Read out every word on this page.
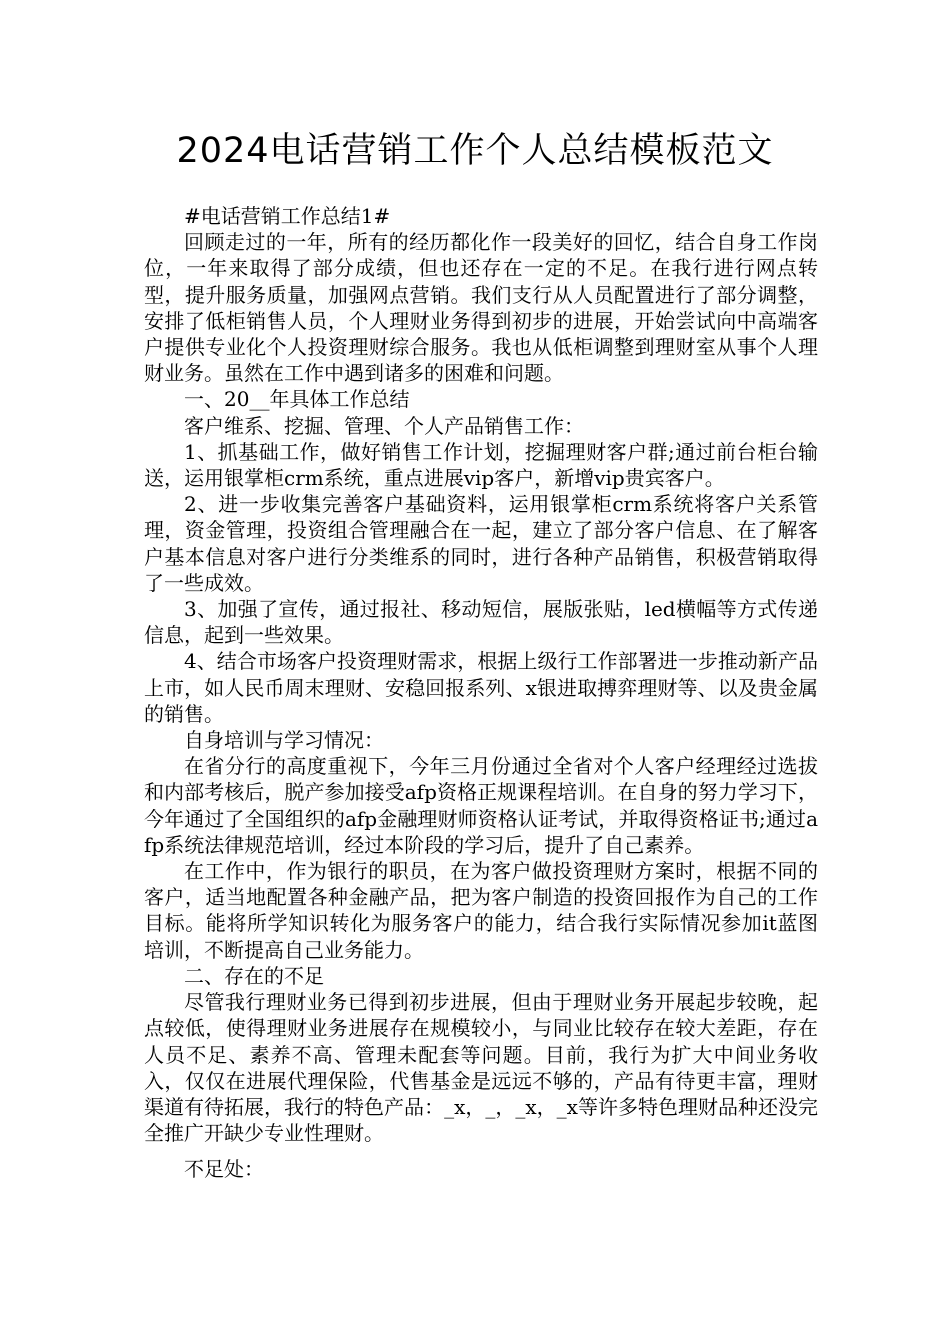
2024电话营销工作个人总结模板范文

#电话营销工作总结1#

回顾走过的一年，所有的经历都化作一段美好的回忆，结合自身工作岗位，一年来取得了部分成绩，但也还存在一定的不足。在我行进行网点转型，提升服务质量，加强网点营销。我们支行从人员配置进行了部分调整，安排了低柜销售人员，个人理财业务得到初步的进展，开始尝试向中高端客户提供专业化个人投资理财综合服务。我也从低柜调整到理财室从事个人理财业务。虽然在工作中遇到诸多的困难和问题。

一、20__年具体工作总结

客户维系、挖掘、管理、个人产品销售工作：

1、抓基础工作，做好销售工作计划，挖掘理财客户群;通过前台柜台输送，运用银掌柜crm系统，重点进展vip客户，新增vip贵宾客户。

2、进一步收集完善客户基础资料，运用银掌柜crm系统将客户关系管理，资金管理，投资组合管理融合在一起，建立了部分客户信息、在了解客户基本信息对客户进行分类维系的同时，进行各种产品销售，积极营销取得了一些成效。

3、加强了宣传，通过报社、移动短信，展版张贴，led横幅等方式传递信息，起到一些效果。

4、结合市场客户投资理财需求，根据上级行工作部署进一步推动新产品上市，如人民币周末理财、安稳回报系列、x银进取搏弈理财等、以及贵金属的销售。

自身培训与学习情况：

在省分行的高度重视下，今年三月份通过全省对个人客户经理经过选拔和内部考核后，脱产参加接受afp资格正规课程培训。在自身的努力学习下，今年通过了全国组织的afp金融理财师资格认证考试，并取得资格证书;通过afp系统法律规范培训，经过本阶段的学习后，提升了自己素养。

在工作中，作为银行的职员，在为客户做投资理财方案时，根据不同的客户，适当地配置各种金融产品，把为客户制造的投资回报作为自己的工作目标。能将所学知识转化为服务客户的能力，结合我行实际情况参加it蓝图培训，不断提高自己业务能力。

二、存在的不足

尽管我行理财业务已得到初步进展，但由于理财业务开展起步较晚，起点较低，使得理财业务进展存在规模较小，与同业比较存在较大差距，存在人员不足、素养不高、管理未配套等问题。目前，我行为扩大中间业务收入，仅仅在进展代理保险，代售基金是远远不够的，产品有待更丰富，理财渠道有待拓展，我行的特色产品：_x，_，_x，_x等许多特色理财品种还没完全推广开缺少专业性理财。

不足处：
